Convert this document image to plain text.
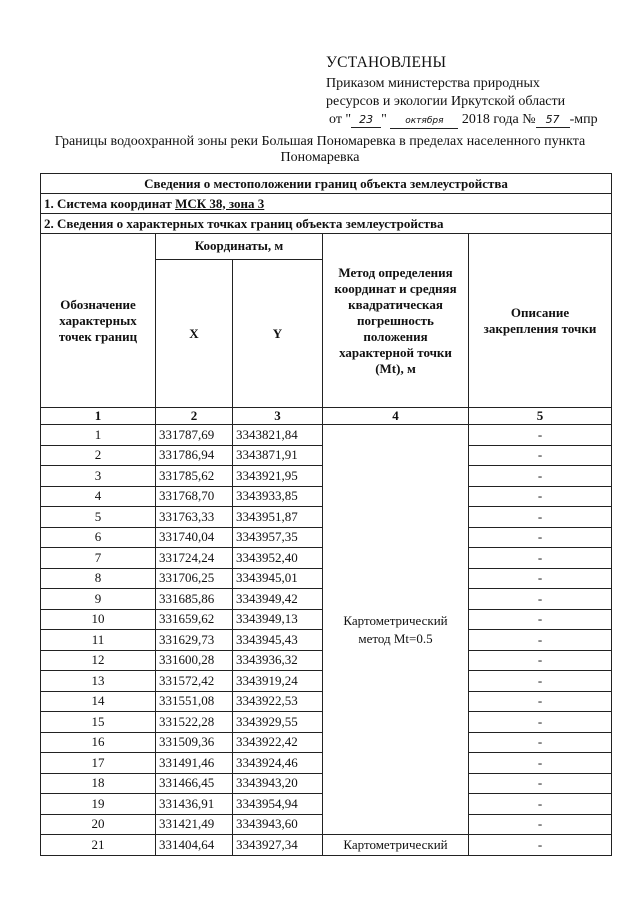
УСТАНОВЛЕНЫ
Приказом министерства природных
ресурсов и экологии Иркутской области
от " 23 " октября 2018 года № 57 -мпр
Границы водоохранной зоны реки Большая Пономаревка в пределах населенного пункта Пономаревка
Сведения о местоположении границ объекта землеустройства				
1. Система координат МСК 38, зона 3				
2. Сведения о характерных точках границ объекта землеустройства				
Обозначение характерных точек границ	Координаты, м		Метод определения координат и средняя квадратическая погрешность положения характерной точки (Mt), м	Описание закрепления точки
	X	Y		
1	2	3	4	5
1	331787,69	3343821,84	Картометрический метод Mt=0.5	-
2	331786,94	3343871,91		-
3	331785,62	3343921,95		-
4	331768,70	3343933,85		-
5	331763,33	3343951,87		-
6	331740,04	3343957,35		-
7	331724,24	3343952,40		-
8	331706,25	3343945,01		-
9	331685,86	3343949,42		-
10	331659,62	3343949,13		-
11	331629,73	3343945,43		-
12	331600,28	3343936,32		-
13	331572,42	3343919,24		-
14	331551,08	3343922,53		-
15	331522,28	3343929,55		-
16	331509,36	3343922,42		-
17	331491,46	3343924,46		-
18	331466,45	3343943,20		-
19	331436,91	3343954,94		-
20	331421,49	3343943,60		-
21	331404,64	3343927,34	Картометрический	-
